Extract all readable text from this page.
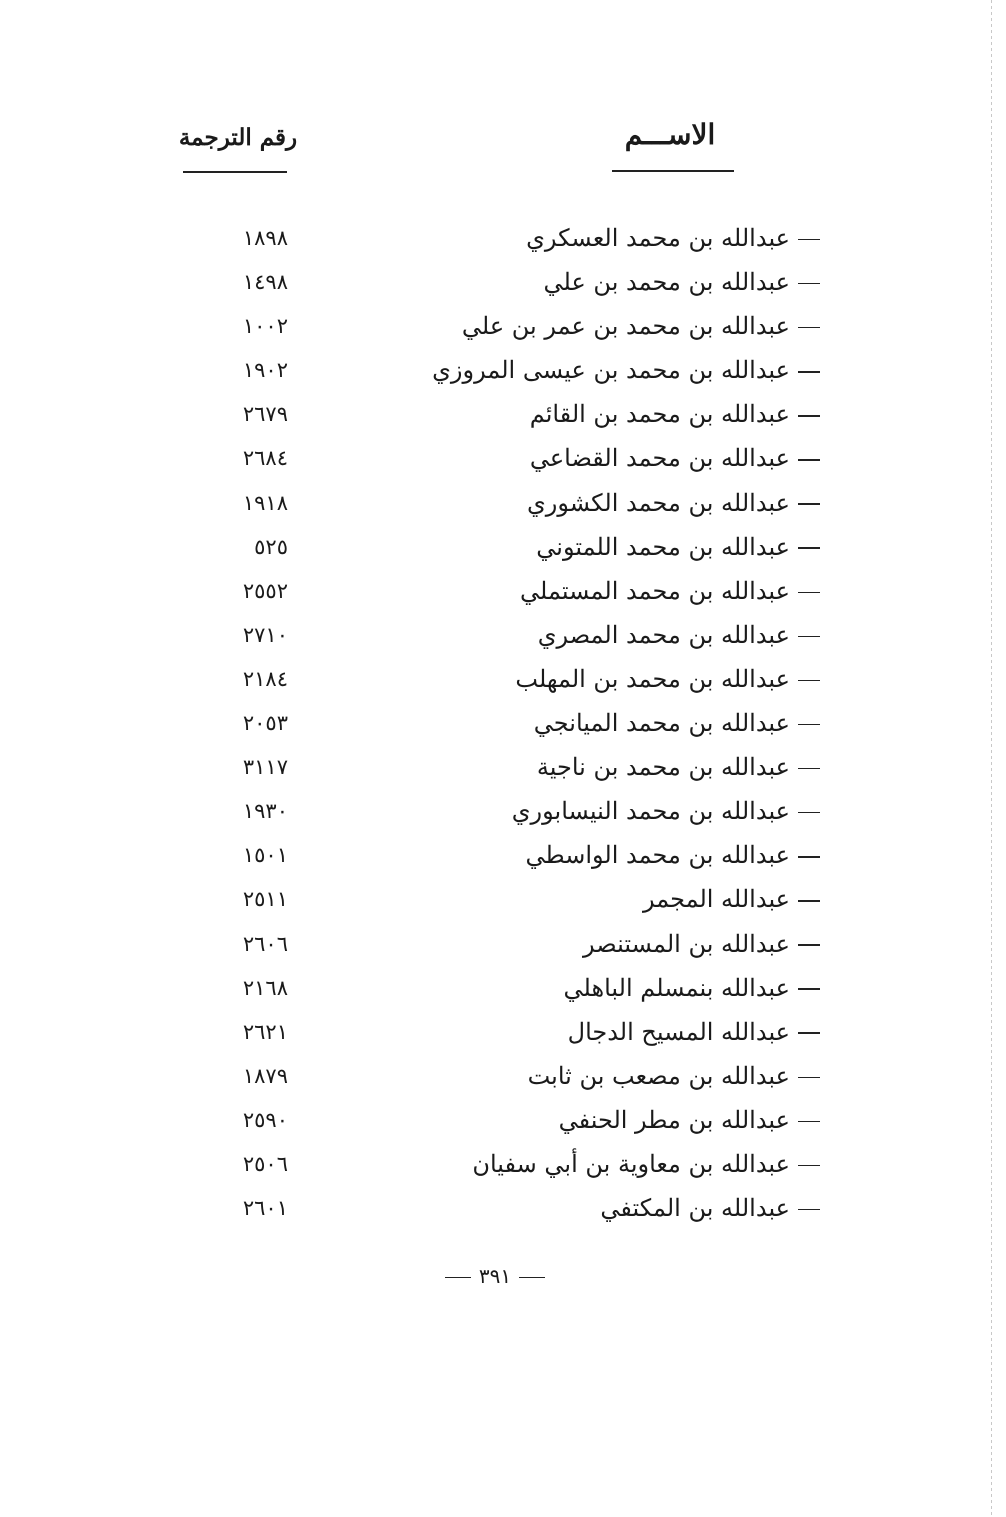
الاســـم
رقم الترجمة
عبدالله بن محمد العسكري
١٨٩٨
عبدالله بن محمد بن علي
١٤٩٨
عبدالله بن محمد بن عمر بن علي
١٠٠٢
عبدالله بن محمد بن عيسى المروزي
١٩٠٢
عبدالله بن محمد بن القائم
٢٦٧٩
عبدالله بن محمد القضاعي
٢٦٨٤
عبدالله بن محمد الكشوري
١٩١٨
عبدالله بن محمد اللمتوني
٥٢٥
عبدالله بن محمد المستملي
٢٥٥٢
عبدالله بن محمد المصري
٢٧١٠
عبدالله بن محمد بن المهلب
٢١٨٤
عبدالله بن محمد الميانجي
٢٠٥٣
عبدالله بن محمد بن ناجية
٣١١٧
عبدالله بن محمد النيسابوري
١٩٣٠
عبدالله بن محمد الواسطي
١٥٠١
عبدالله المجمر
٢٥١١
عبدالله بن المستنصر
٢٦٠٦
عبدالله بنمسلم الباهلي
٢١٦٨
عبدالله المسيح الدجال
٢٦٢١
عبدالله بن مصعب بن ثابت
١٨٧٩
عبدالله بن مطر الحنفي
٢٥٩٠
عبدالله بن معاوية بن أبي سفيان
٢٥٠٦
عبدالله بن المكتفي
٢٦٠١
٣٩١
